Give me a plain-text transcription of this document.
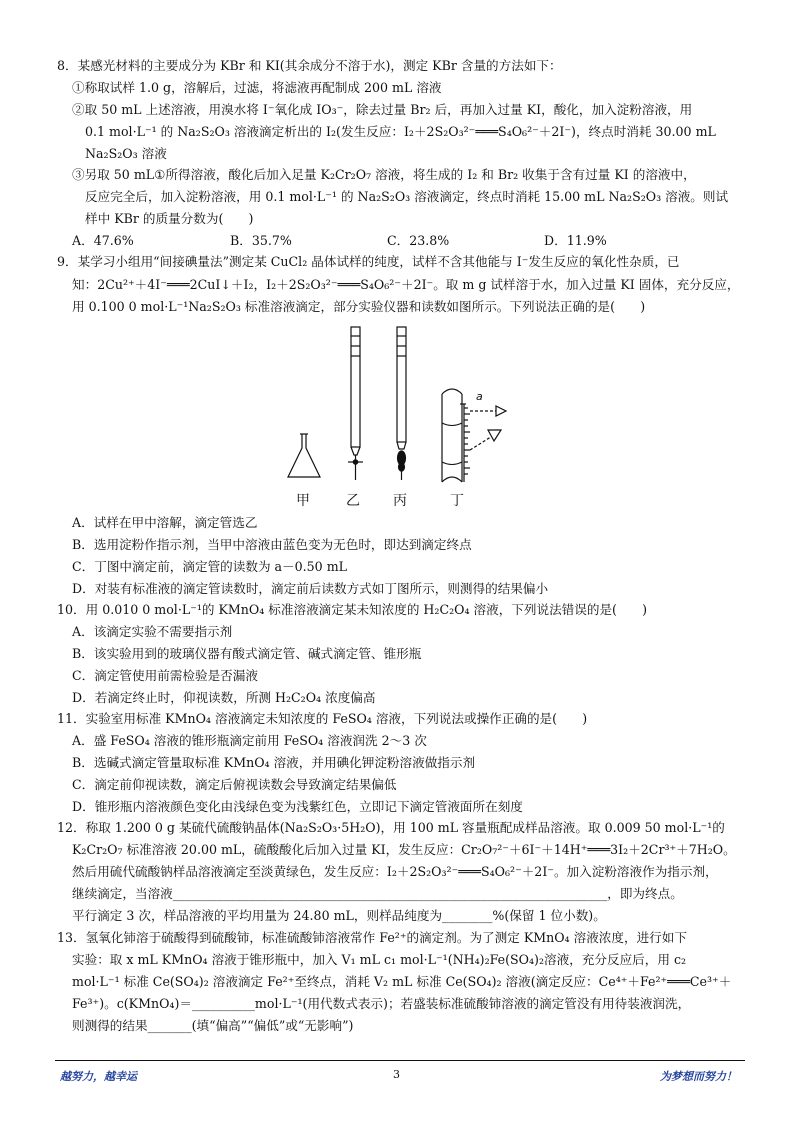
8．某感光材料的主要成分为 KBr 和 KI(其余成分不溶于水)，测定 KBr 含量的方法如下：
①称取试样 1.0 g，溶解后，过滤，将滤液再配制成 200 mL 溶液
②取 50 mL 上述溶液，用溴水将 I⁻氧化成 IO₃⁻，除去过量 Br₂ 后，再加入过量 KI，酸化，加入淀粉溶液，用
0.1 mol·L⁻¹ 的 Na₂S₂O₃ 溶液滴定析出的 I₂(发生反应：I₂＋2S₂O₃²⁻═══S₄O₆²⁻＋2I⁻)，终点时消耗 30.00 mL
Na₂S₂O₃ 溶液
③另取 50 mL①所得溶液，酸化后加入足量 K₂Cr₂O₇ 溶液，将生成的 I₂ 和 Br₂ 收集于含有过量 KI 的溶液中，
反应完全后，加入淀粉溶液，用 0.1 mol·L⁻¹ 的 Na₂S₂O₃ 溶液滴定，终点时消耗 15.00 mL Na₂S₂O₃ 溶液。则试
样中 KBr 的质量分数为(　　)
A．47.6%	B．35.7%	C．23.8%	D．11.9%
9．某学习小组用“间接碘量法”测定某 CuCl₂ 晶体试样的纯度，试样不含其他能与 I⁻发生反应的氧化性杂质，已
知：2Cu²⁺＋4I⁻═══2CuI↓＋I₂，I₂＋2S₂O₃²⁻═══S₄O₆²⁻＋2I⁻。取 m g 试样溶于水，加入过量 KI 固体，充分反应，
用 0.100 0 mol·L⁻¹Na₂S₂O₃ 标准溶液滴定，部分实验仪器和读数如图所示。下列说法正确的是(　　)
a
甲	乙 丙	丁
A．试样在甲中溶解，滴定管选乙
B．选用淀粉作指示剂，当甲中溶液由蓝色变为无色时，即达到滴定终点
C．丁图中滴定前，滴定管的读数为 a－0.50 mL
D．对装有标准液的滴定管读数时，滴定前后读数方式如丁图所示，则测得的结果偏小
10．用 0.010 0 mol·L⁻¹的 KMnO₄ 标准溶液滴定某未知浓度的 H₂C₂O₄ 溶液，下列说法错误的是(　　)
A．该滴定实验不需要指示剂
B．该实验用到的玻璃仪器有酸式滴定管、碱式滴定管、锥形瓶
C．滴定管使用前需检验是否漏液
D．若滴定终止时，仰视读数，所测 H₂C₂O₄ 浓度偏高
11．实验室用标准 KMnO₄ 溶液滴定未知浓度的 FeSO₄ 溶液，下列说法或操作正确的是(　　)
A．盛 FeSO₄ 溶液的锥形瓶滴定前用 FeSO₄ 溶液润洗 2～3 次
B．选碱式滴定管量取标准 KMnO₄ 溶液，并用碘化钾淀粉溶液做指示剂
C．滴定前仰视读数，滴定后俯视读数会导致滴定结果偏低
D．锥形瓶内溶液颜色变化由浅绿色变为浅紫红色，立即记下滴定管液面所在刻度
12．称取 1.200 0 g 某硫代硫酸钠晶体(Na₂S₂O₃·5H₂O)，用 100 mL 容量瓶配成样品溶液。取 0.009 50 mol·L⁻¹的
K₂Cr₂O₇ 标准溶液 20.00 mL，硫酸酸化后加入过量 KI，发生反应：Cr₂O₇²⁻＋6I⁻＋14H⁺═══3I₂＋2Cr³⁺＋7H₂O。
然后用硫代硫酸钠样品溶液滴定至淡黄绿色，发生反应：I₂＋2S₂O₃²⁻═══S₄O₆²⁻＋2I⁻。加入淀粉溶液作为指示剂，
继续滴定，当溶液_____________________________________________________________________，即为终点。
平行滴定 3 次，样品溶液的平均用量为 24.80 mL，则样品纯度为________%(保留 1 位小数)。
13．氢氧化铈溶于硫酸得到硫酸铈，标准硫酸铈溶液常作 Fe²⁺的滴定剂。为了测定 KMnO₄ 溶液浓度，进行如下
实验：取 x mL KMnO₄ 溶液于锥形瓶中，加入 V₁ mL c₁ mol·L⁻¹(NH₄)₂Fe(SO₄)₂溶液，充分反应后，用 c₂
mol·L⁻¹ 标准 Ce(SO₄)₂ 溶液滴定 Fe²⁺至终点，消耗 V₂ mL 标准 Ce(SO₄)₂ 溶液(滴定反应：Ce⁴⁺＋Fe²⁺═══Ce³⁺＋
Fe³⁺)。c(KMnO₄)＝__________mol·L⁻¹(用代数式表示)；若盛装标准硫酸铈溶液的滴定管没有用待装液润洗，
则测得的结果_______(填“偏高”“偏低”或“无影响”)
越努力，越幸运	3	为梦想而努力！
